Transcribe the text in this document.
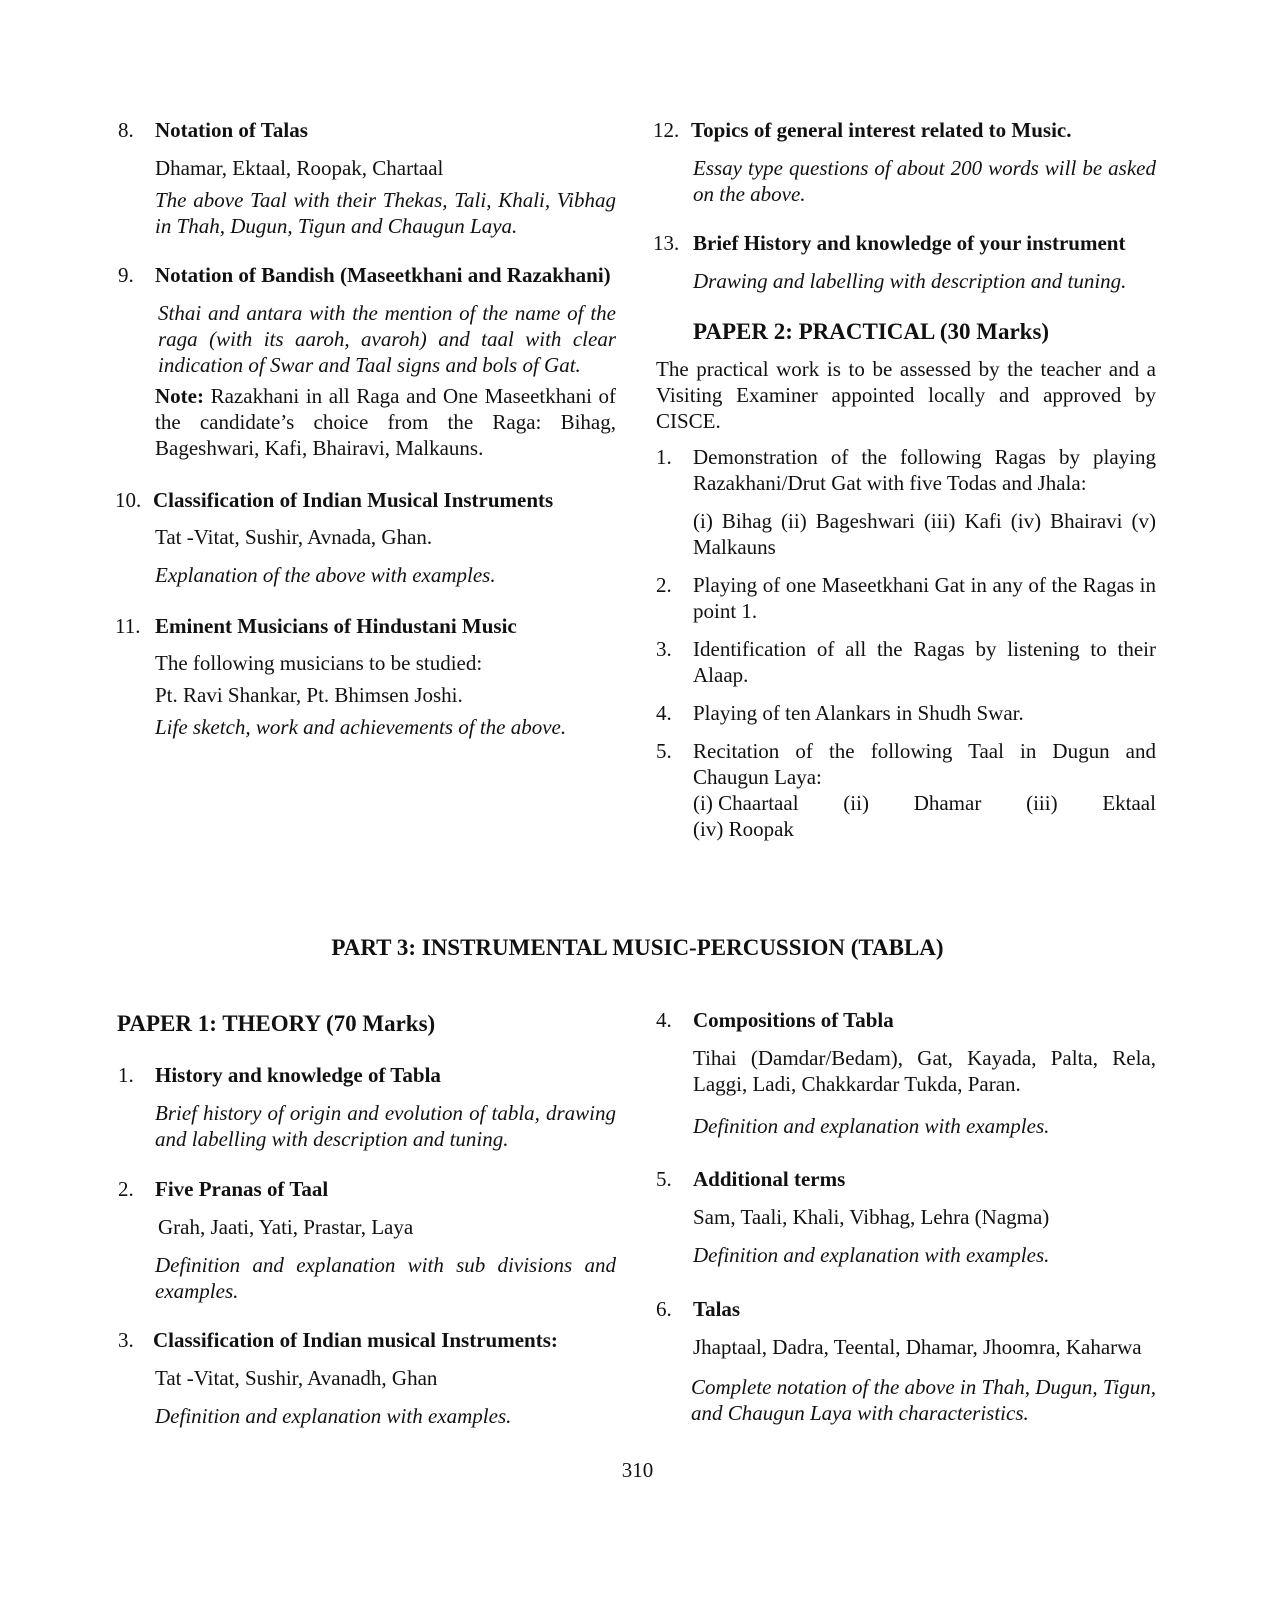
8. Notation of Talas

Dhamar, Ektaal, Roopak, Chartaal

The above Taal with their Thekas, Tali, Khali, Vibhag in Thah, Dugun, Tigun and Chaugun Laya.

9. Notation of Bandish (Maseetkhani and Razakhani)

Sthai and antara with the mention of the name of the raga (with its aaroh, avaroh) and taal with clear indication of Swar and Taal signs and bols of Gat.

Note: Razakhani in all Raga and One Maseetkhani of the candidate’s choice from the Raga: Bihag, Bageshwari, Kafi, Bhairavi, Malkauns.

10. Classification of Indian Musical Instruments

Tat -Vitat, Sushir, Avnada, Ghan.

Explanation of the above with examples.

11. Eminent Musicians of Hindustani Music

The following musicians to be studied:

Pt. Ravi Shankar, Pt. Bhimsen Joshi.

Life sketch, work and achievements of the above.

12. Topics of general interest related to Music.

Essay type questions of about 200 words will be asked on the above.

13. Brief History and knowledge of your instrument

Drawing and labelling with description and tuning.

PAPER 2: PRACTICAL (30 Marks)

The practical work is to be assessed by the teacher and a Visiting Examiner appointed locally and approved by CISCE.

1. Demonstration of the following Ragas by playing Razakhani/Drut Gat with five Todas and Jhala:

(i) Bihag (ii) Bageshwari (iii) Kafi (iv) Bhairavi (v) Malkauns

2. Playing of one Maseetkhani Gat in any of the Ragas in point 1.

3. Identification of all the Ragas by listening to their Alaap.

4. Playing of ten Alankars in Shudh Swar.

5. Recitation of the following Taal in Dugun and Chaugun Laya:

(i) Chaartaal (ii) Dhamar (iii) Ektaal

(iv) Roopak

PART 3: INSTRUMENTAL MUSIC-PERCUSSION (TABLA)

PAPER 1: THEORY (70 Marks)

1. History and knowledge of Tabla

Brief history of origin and evolution of tabla, drawing and labelling with description and tuning.

2. Five Pranas of Taal

Grah, Jaati, Yati, Prastar, Laya

Definition and explanation with sub divisions and examples.

3. Classification of Indian musical Instruments:

Tat -Vitat, Sushir, Avanadh, Ghan

Definition and explanation with examples.

4. Compositions of Tabla

Tihai (Damdar/Bedam), Gat, Kayada, Palta, Rela, Laggi, Ladi, Chakkardar Tukda, Paran.

Definition and explanation with examples.

5. Additional terms

Sam, Taali, Khali, Vibhag, Lehra (Nagma)

Definition and explanation with examples.

6. Talas

Jhaptaal, Dadra, Teental, Dhamar, Jhoomra, Kaharwa

Complete notation of the above in Thah, Dugun, Tigun, and Chaugun Laya with characteristics.

310
